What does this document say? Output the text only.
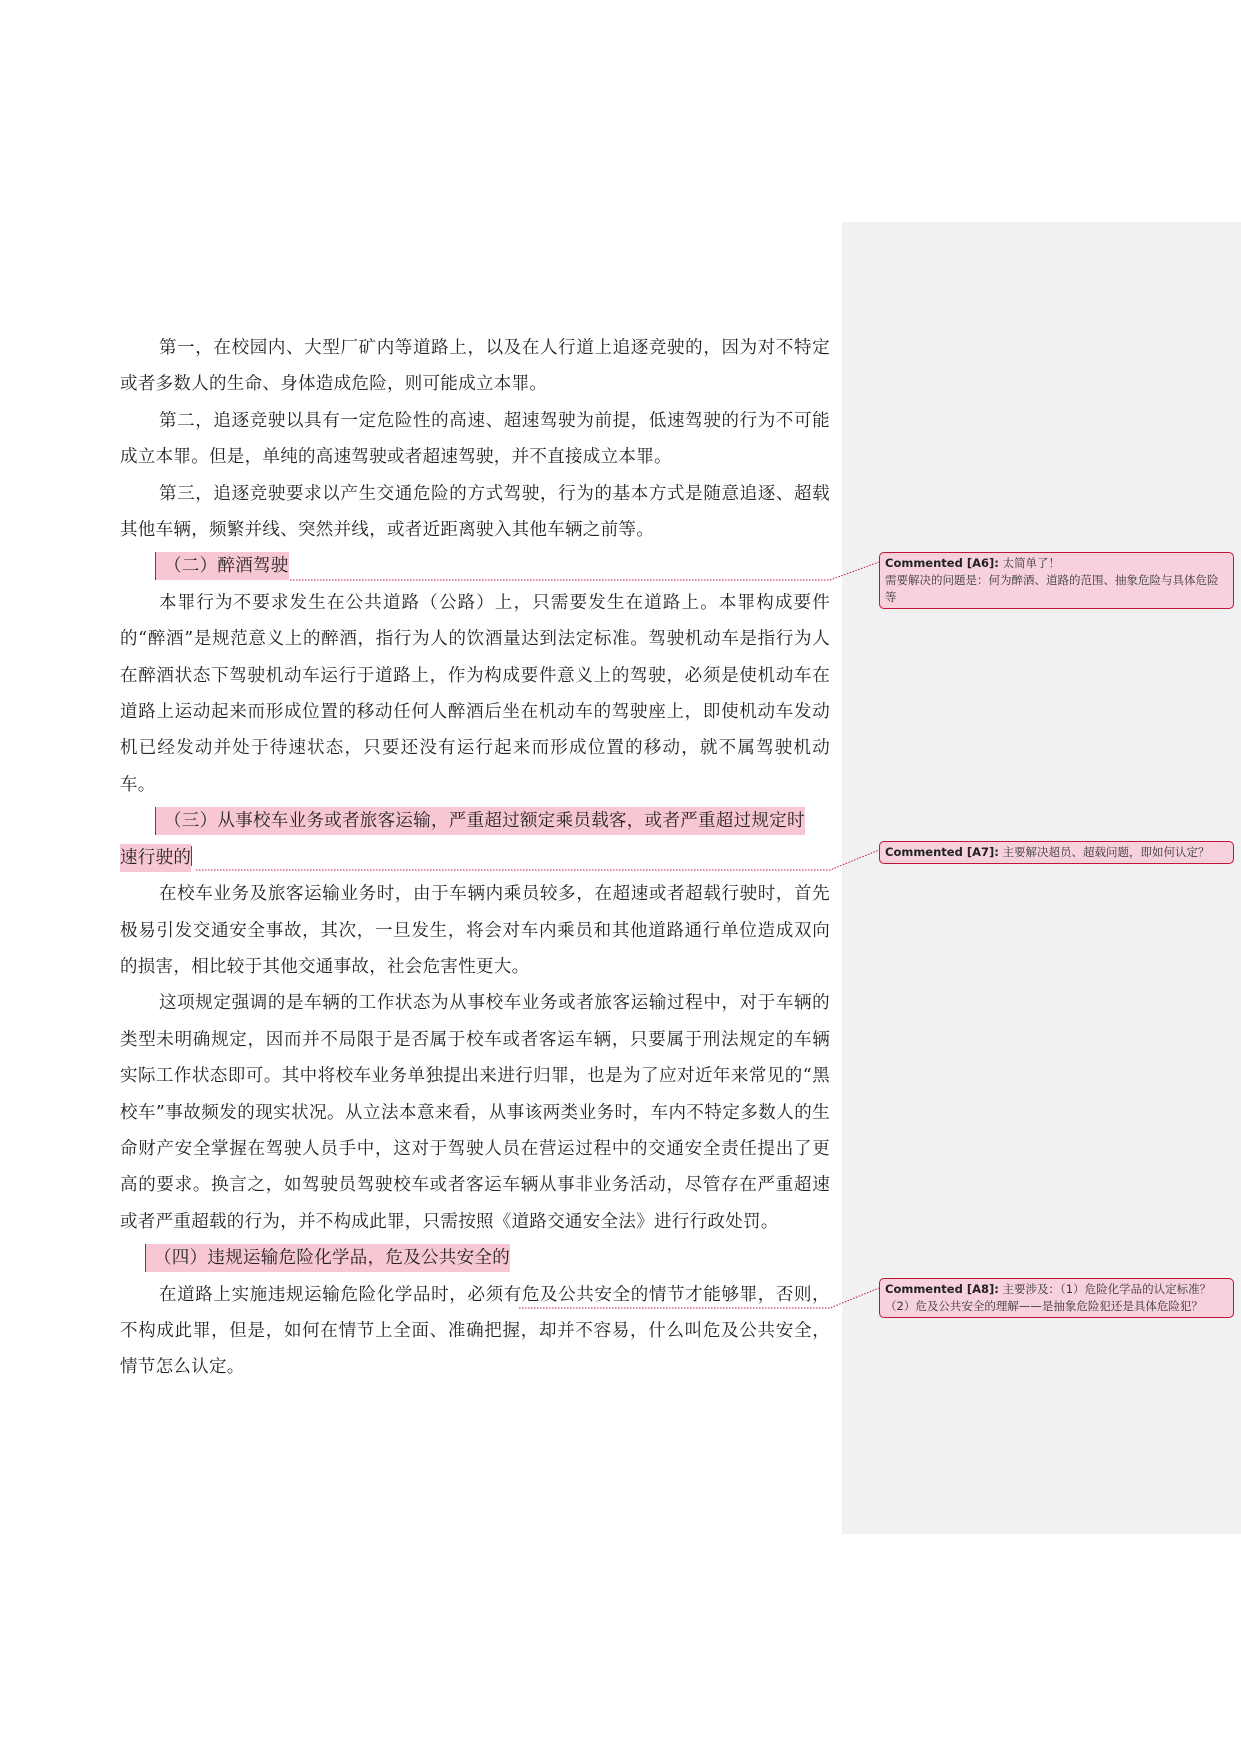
第一，在校园内、大型厂矿内等道路上，以及在人行道上追逐竞驶的，因为对不特定或者多数人的生命、身体造成危险，则可能成立本罪。

第二，追逐竞驶以具有一定危险性的高速、超速驾驶为前提，低速驾驶的行为不可能成立本罪。但是，单纯的高速驾驶或者超速驾驶，并不直接成立本罪。

第三，追逐竞驶要求以产生交通危险的方式驾驶，行为的基本方式是随意追逐、超载其他车辆，频繁并线、突然并线，或者近距离驶入其他车辆之前等。

（二）醉酒驾驶

本罪行为不要求发生在公共道路（公路）上，只需要发生在道路上。本罪构成要件的“醉酒”是规范意义上的醉酒，指行为人的饮酒量达到法定标准。驾驶机动车是指行为人在醉酒状态下驾驶机动车运行于道路上，作为构成要件意义上的驾驶，必须是使机动车在道路上运动起来而形成位置的移动任何人醉酒后坐在机动车的驾驶座上，即使机动车发动机已经发动并处于待速状态，只要还没有运行起来而形成位置的移动，就不属驾驶机动车。

（三）从事校车业务或者旅客运输，严重超过额定乘员载客，或者严重超过规定时

速行驶的

在校车业务及旅客运输业务时，由于车辆内乘员较多，在超速或者超载行驶时，首先极易引发交通安全事故，其次，一旦发生，将会对车内乘员和其他道路通行单位造成双向的损害，相比较于其他交通事故，社会危害性更大。

这项规定强调的是车辆的工作状态为从事校车业务或者旅客运输过程中，对于车辆的类型未明确规定，因而并不局限于是否属于校车或者客运车辆，只要属于刑法规定的车辆实际工作状态即可。其中将校车业务单独提出来进行归罪，也是为了应对近年来常见的“黑校车”事故频发的现实状况。从立法本意来看，从事该两类业务时，车内不特定多数人的生命财产安全掌握在驾驶人员手中，这对于驾驶人员在营运过程中的交通安全责任提出了更高的要求。换言之，如驾驶员驾驶校车或者客运车辆从事非业务活动，尽管存在严重超速或者严重超载的行为，并不构成此罪，只需按照《道路交通安全法》进行行政处罚。

（四）违规运输危险化学品，危及公共安全的

在道路上实施违规运输危险化学品时，必须有危及公共安全的情节才能够罪，否则，不构成此罪，但是，如何在情节上全面、准确把握，却并不容易，什么叫危及公共安全，情节怎么认定。

Commented [A6]: 太简单了！
需要解决的问题是：何为醉酒、道路的范围、抽象危险与具体危险等
Commented [A7]: 主要解决超员、超载问题，即如何认定？
Commented [A8]: 主要涉及：（1）危险化学品的认定标准？（2）危及公共安全的理解——是抽象危险犯还是具体危险犯？
